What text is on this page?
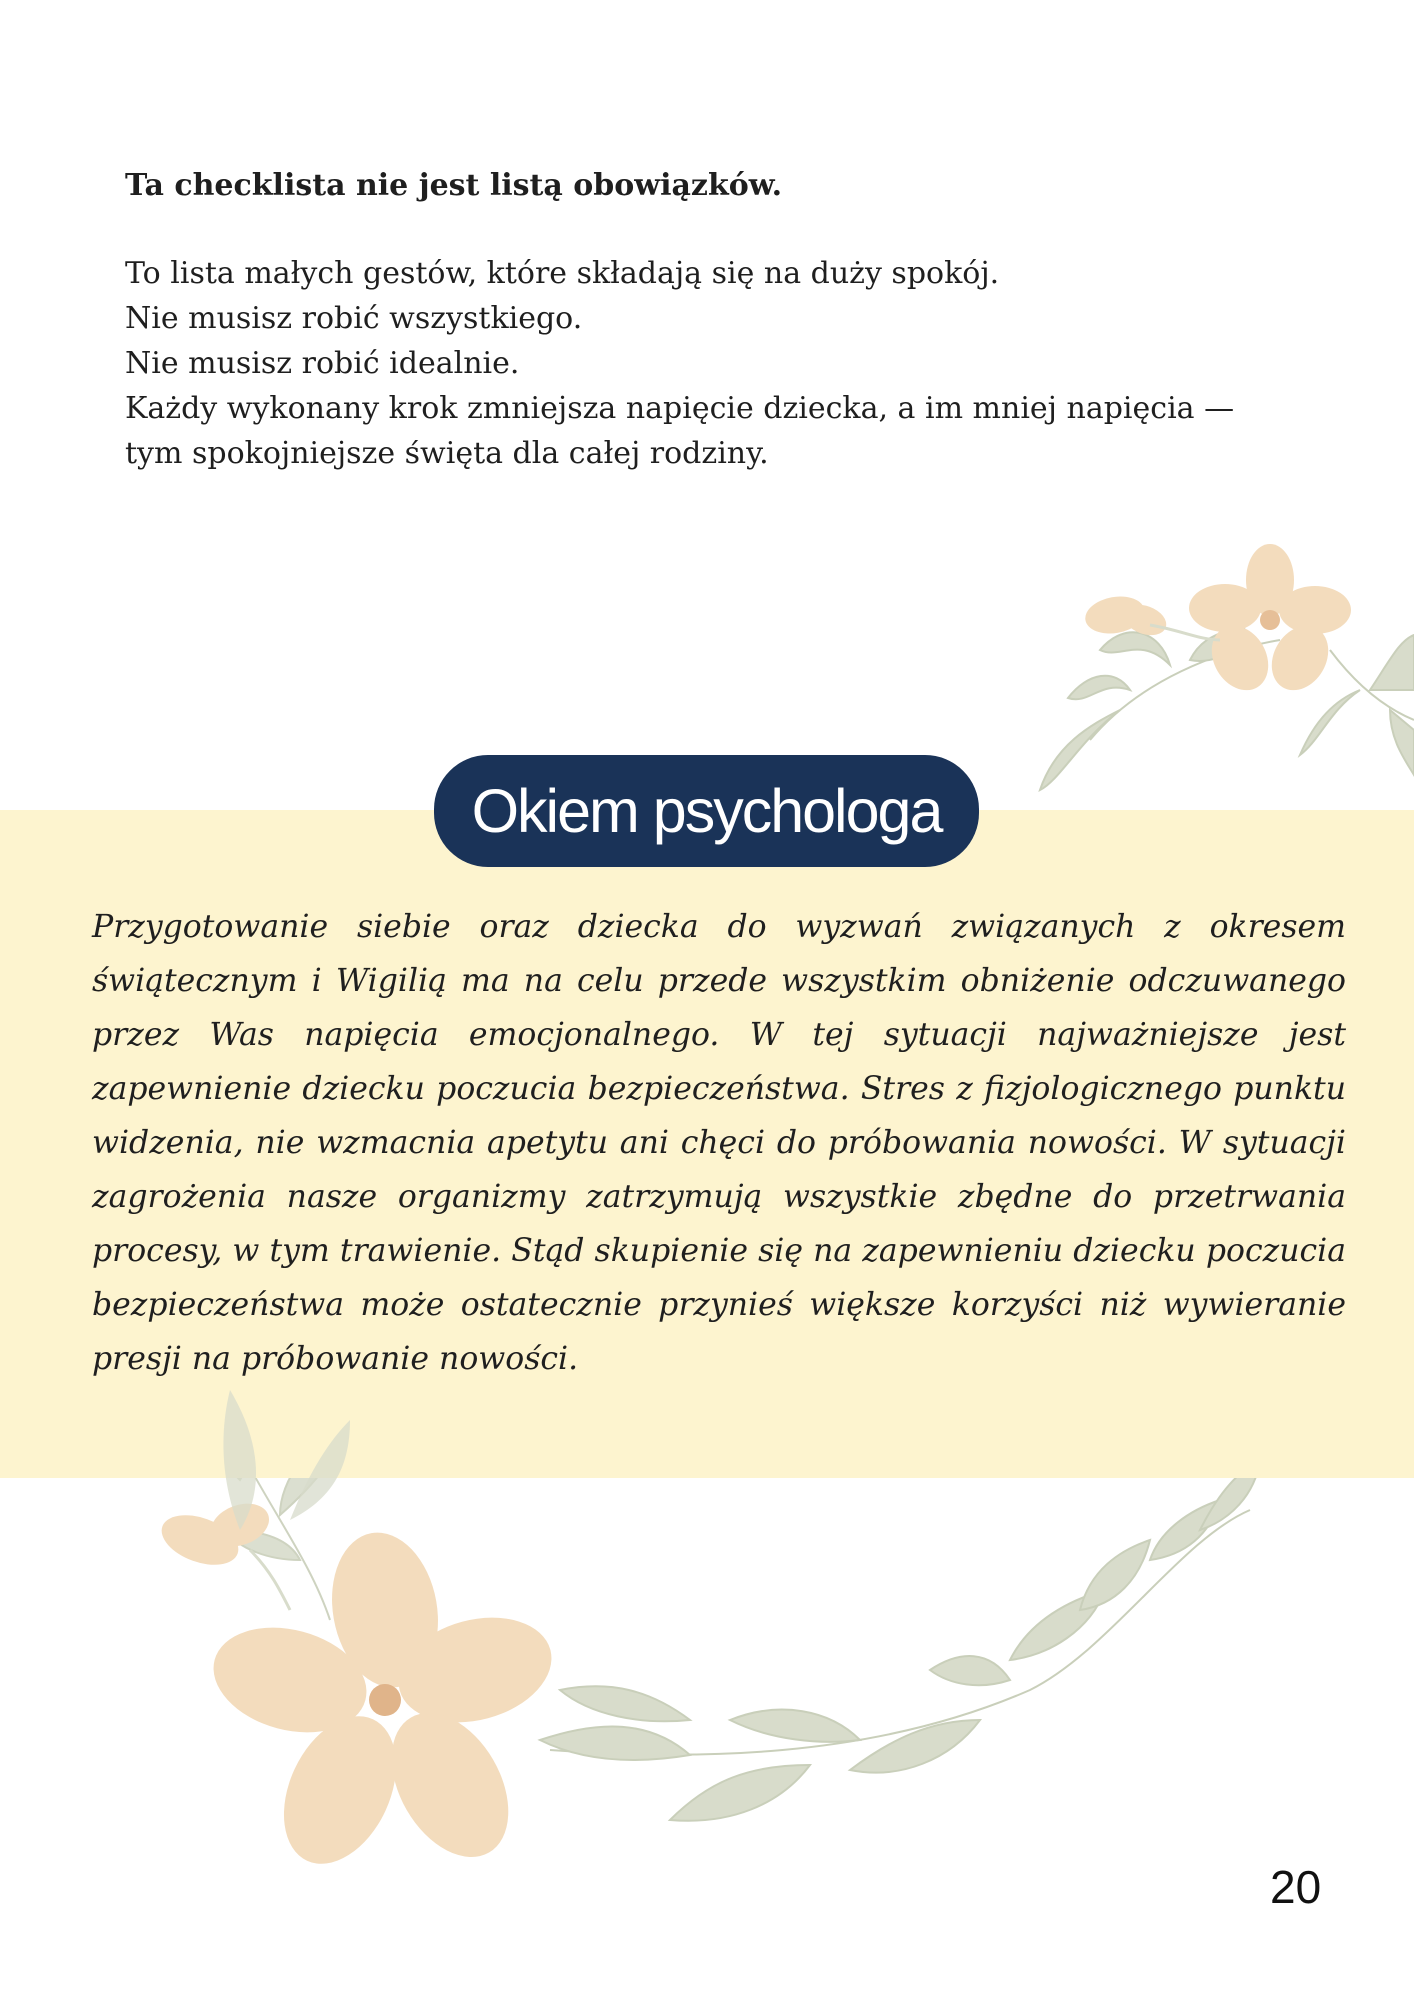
Ta checklista nie jest listą obowiązków.

To lista małych gestów, które składają się na duży spokój.

Nie musisz robić wszystkiego.

Nie musisz robić idealnie.

Każdy wykonany krok zmniejsza napięcie dziecka, a im mniej napięcia —

tym spokojniejsze święta dla całej rodziny.

Okiem psychologa

Przygotowanie siebie oraz dziecka do wyzwań związanych z okresem świątecznym i Wigilią ma na celu przede wszystkim obniżenie odczuwanego przez Was napięcia emocjonalnego. W tej sytuacji najważniejsze jest zapewnienie dziecku poczucia bezpieczeństwa. Stres z fizjologicznego punktu widzenia, nie wzmacnia apetytu ani chęci do próbowania nowości. W sytuacji zagrożenia nasze organizmy zatrzymują wszystkie zbędne do przetrwania procesy, w tym trawienie. Stąd skupienie się na zapewnieniu dziecku poczucia bezpieczeństwa może ostatecznie przynieś większe korzyści niż wywieranie presji na próbowanie nowości.

20
